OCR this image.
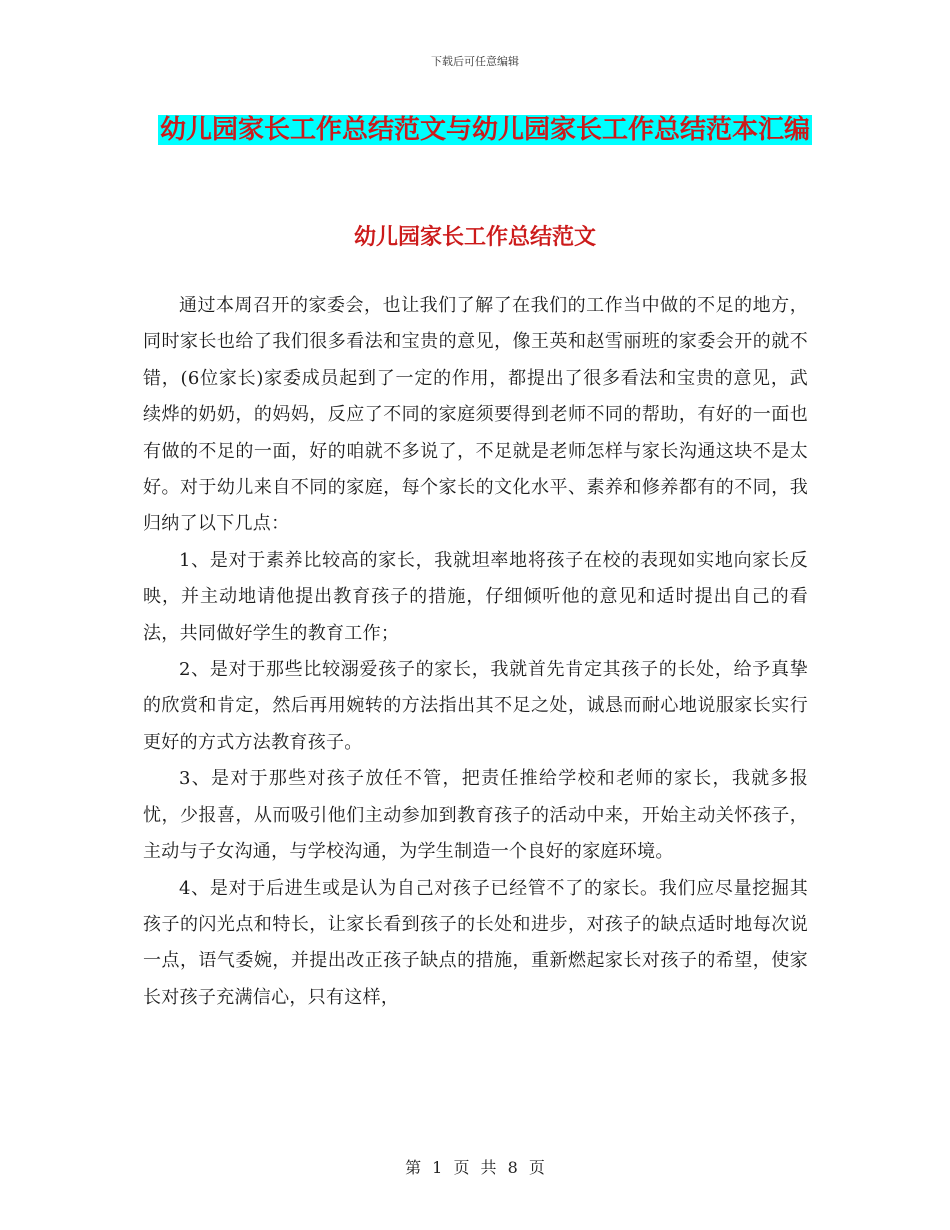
下载后可任意编辑
幼儿园家长工作总结范文与幼儿园家长工作总结范本汇编
幼儿园家长工作总结范文

通过本周召开的家委会，也让我们了解了在我们的工作当中做的不足的地方，同时家长也给了我们很多看法和宝贵的意见，像王英和赵雪丽班的家委会开的就不错，(6位家长)家委成员起到了一定的作用，都提出了很多看法和宝贵的意见，武续烨的奶奶，的妈妈，反应了不同的家庭须要得到老师不同的帮助，有好的一面也有做的不足的一面，好的咱就不多说了，不足就是老师怎样与家长沟通这块不是太好。对于幼儿来自不同的家庭，每个家长的文化水平、素养和修养都有的不同，我归纳了以下几点：

1、是对于素养比较高的家长，我就坦率地将孩子在校的表现如实地向家长反映，并主动地请他提出教育孩子的措施，仔细倾听他的意见和适时提出自己的看法，共同做好学生的教育工作；

2、是对于那些比较溺爱孩子的家长，我就首先肯定其孩子的长处，给予真挚的欣赏和肯定，然后再用婉转的方法指出其不足之处，诚恳而耐心地说服家长实行更好的方式方法教育孩子。

3、是对于那些对孩子放任不管，把责任推给学校和老师的家长，我就多报忧，少报喜，从而吸引他们主动参加到教育孩子的活动中来，开始主动关怀孩子，主动与子女沟通，与学校沟通，为学生制造一个良好的家庭环境。

4、是对于后进生或是认为自己对孩子已经管不了的家长。我们应尽量挖掘其孩子的闪光点和特长，让家长看到孩子的长处和进步，对孩子的缺点适时地每次说一点，语气委婉，并提出改正孩子缺点的措施，重新燃起家长对孩子的希望，使家长对孩子充满信心，只有这样，

第 1 页 共 8 页
